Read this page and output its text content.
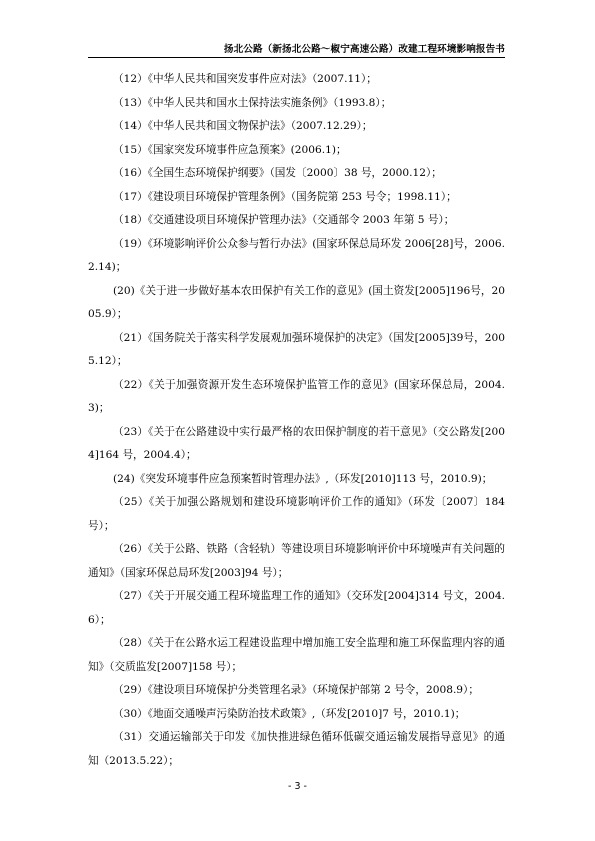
扬北公路（新扬北公路～椒宁高速公路）改建工程环境影响报告书

（12）《中华人民共和国突发事件应对法》（2007.11）；

（13）《中华人民共和国水土保持法实施条例》（1993.8）；

（14）《中华人民共和国文物保护法》（2007.12.29）；

（15）《国家突发环境事件应急预案》(2006.1)；

（16）《全国生态环境保护纲要》（国发〔2000〕38 号，2000.12）；

（17）《建设项目环境保护管理条例》（国务院第 253 号令；1998.11）；

（18）《交通建设项目环境保护管理办法》（交通部令 2003 年第 5 号）；

（19）《环境影响评价公众参与暂行办法》(国家环保总局环发 2006[28]号，2006.2.14)；

(20)《关于进一步做好基本农田保护有关工作的意见》(国土资发[2005]196号，2005.9）；

（21）《国务院关于落实科学发展观加强环境保护的决定》（国发[2005]39号，2005.12）；

（22）《关于加强资源开发生态环境保护监管工作的意见》(国家环保总局，2004.3)；

（23）《关于在公路建设中实行最严格的农田保护制度的若干意见》（交公路发[2004]164 号，2004.4）；

(24)《突发环境事件应急预案暂时管理办法》,（环发[2010]113 号，2010.9)；

（25）《关于加强公路规划和建设环境影响评价工作的通知》（环发〔2007〕184 号）；

（26）《关于公路、铁路（含轻轨）等建设项目环境影响评价中环境噪声有关问题的通知》（国家环保总局环发[2003]94 号）；

（27）《关于开展交通工程环境监理工作的通知》（交环发[2004]314 号文，2004.6）；

（28）《关于在公路水运工程建设监理中增加施工安全监理和施工环保监理内容的通知》（交质监发[2007]158 号）；

（29）《建设项目环境保护分类管理名录》（环境保护部第 2 号令，2008.9）；

（30）《地面交通噪声污染防治技术政策》,（环发[2010]7 号，2010.1)；

（31）交通运输部关于印发《加快推进绿色循环低碳交通运输发展指导意见》的通知（2013.5.22）；

- 3 -
